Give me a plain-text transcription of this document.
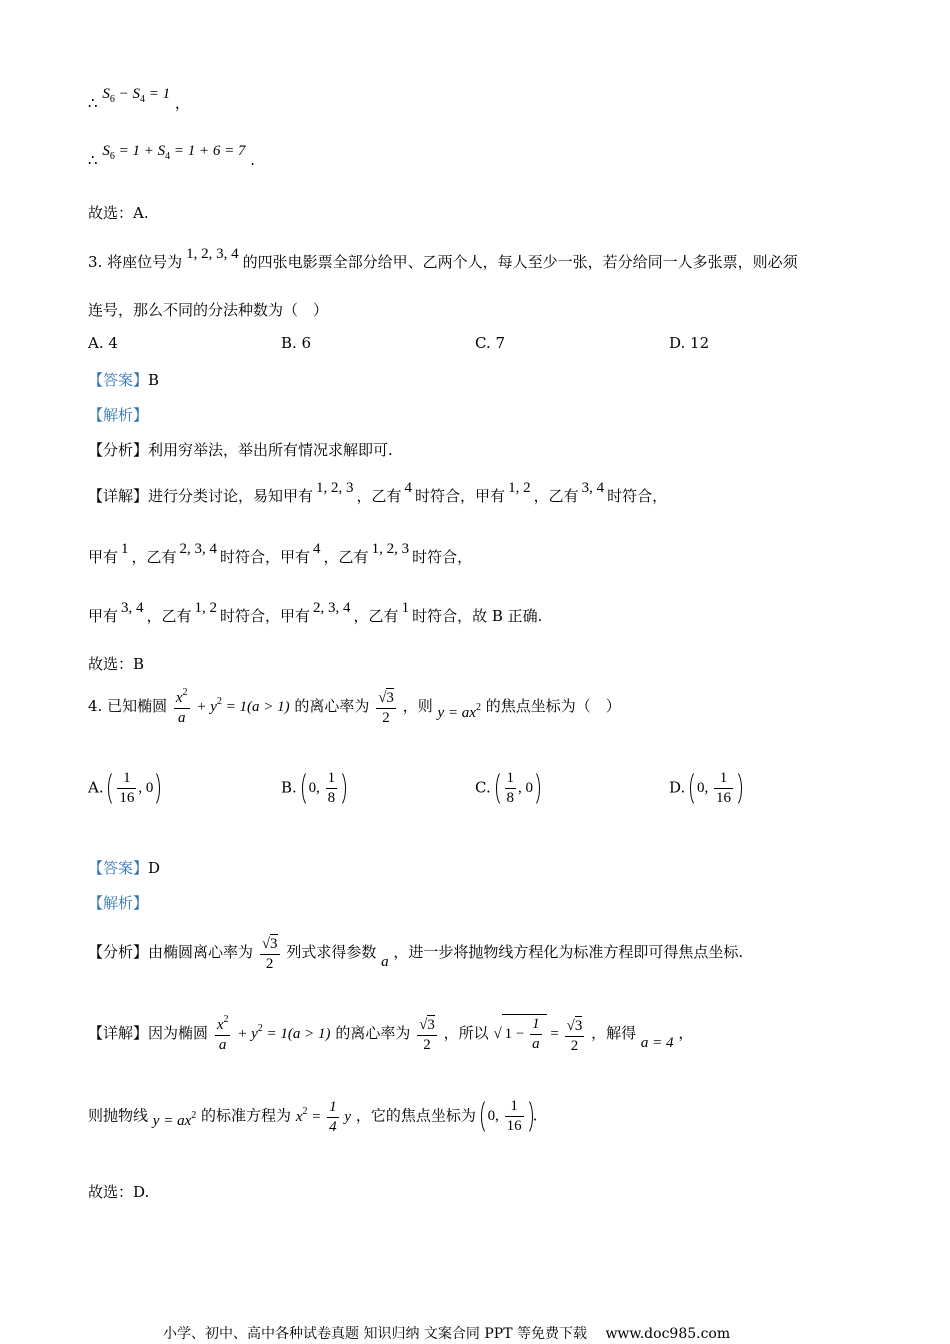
∴ $S_6 - S_4 = 1$ ，
∴ $S_6 = 1 + S_4 = 1 + 6 = 7$ .
故选：A.
3. 将座位号为 1, 2, 3, 4 的四张电影票全部分给甲、乙两个人，每人至少一张，若分给同一人多张票，则必须
连号，那么不同的分法种数为（　）
A. 4	B. 6	C. 7	D. 12
【答案】B
【解析】
【分析】利用穷举法，举出所有情况求解即可.
【详解】进行分类讨论，易知甲有 1, 2, 3 ，乙有 4 时符合，甲有 1, 2 ，乙有 3, 4 时符合，
甲有 1 ，乙有 2, 3, 4 时符合，甲有 4 ，乙有 1, 2, 3 时符合，
甲有 3, 4 ，乙有 1, 2 时符合，甲有 2, 3, 4 ，乙有 1 时符合，故 B 正确.
故选：B
4. 已知椭圆 $\frac{x^2}{a} + y^2 = 1(a > 1)$ 的离心率为 $\frac{√3}{2}$ ，则 $y = ax^2$ 的焦点坐标为（　）
A. $\frac{1}{16}$ , 0	B. 0, $\frac{1}{8}$	C. $\frac{1}{8}$ , 0	D. 0, $\frac{1}{16}$
【答案】D
【解析】
【分析】由椭圆离心率为 $\frac{√3}{2}$ 列式求得参数 a ，进一步将抛物线方程化为标准方程即可得焦点坐标.
【详解】因为椭圆 $\frac{x^2}{a} + y^2 = 1(a > 1)$ 的离心率为 $\frac{√3}{2}$ ，所以 √ $1 - \frac{1}{a} = \frac{√3}{2}$ ，解得 a = 4 ，
则抛物线 $y = ax^2$ 的标准方程为 $x^2 = \frac{1}{4}$ y ，它的焦点坐标为 0, $\frac{1}{16}$ .
故选：D.
小学、初中、高中各种试卷真题 知识归纳 文案合同 PPT 等免费下载 www.doc985.com
